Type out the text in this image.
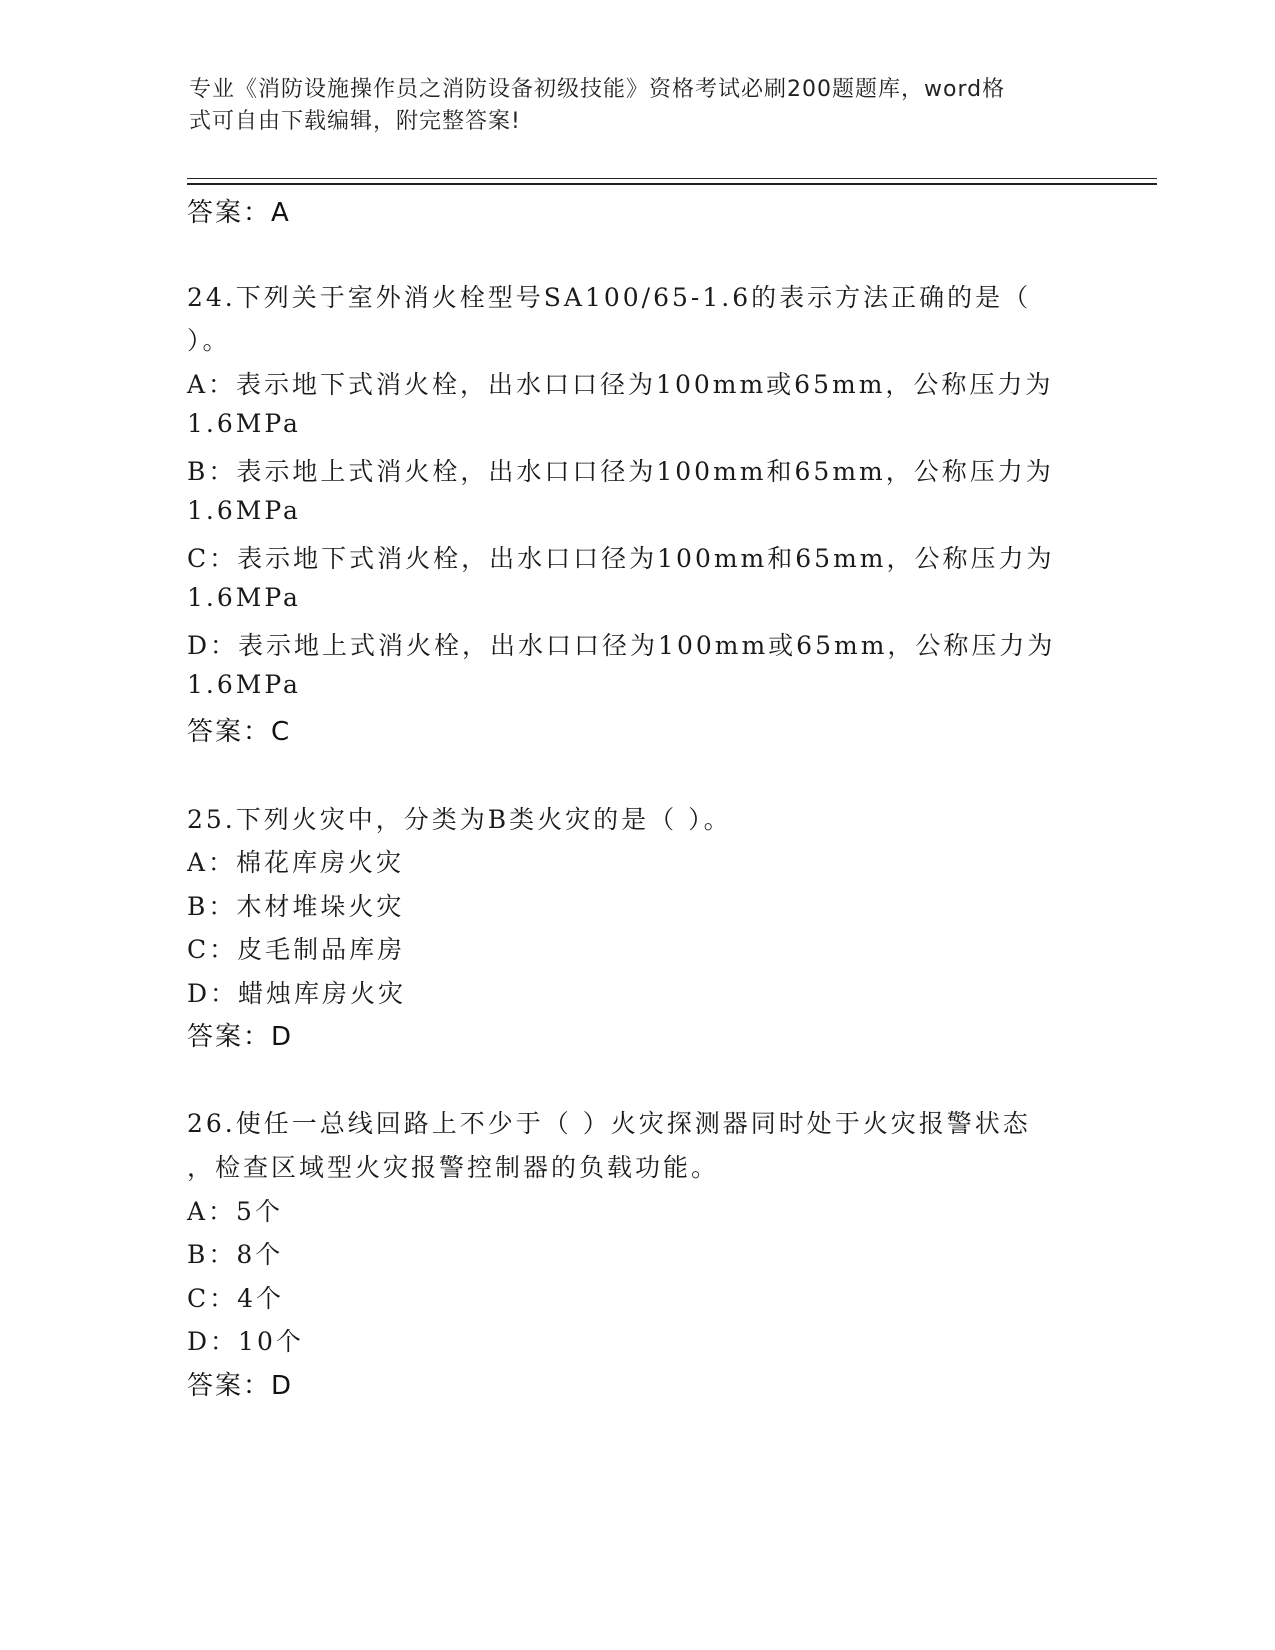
专业《消防设施操作员之消防设备初级技能》资格考试必刷200题题库，word格
式可自由下载编辑，附完整答案!
答案：A
24.下列关于室外消火栓型号SA100/65-1.6的表示方法正确的是（
）。
A：表示地下式消火栓，出水口口径为100mm或65mm，公称压力为
1.6MPa
B：表示地上式消火栓，出水口口径为100mm和65mm，公称压力为
1.6MPa
C：表示地下式消火栓，出水口口径为100mm和65mm，公称压力为
1.6MPa
D：表示地上式消火栓，出水口口径为100mm或65mm，公称压力为
1.6MPa
答案：C
25.下列火灾中，分类为B类火灾的是（ ）。
A：棉花库房火灾
B：木材堆垛火灾
C：皮毛制品库房
D：蜡烛库房火灾
答案：D
26.使任一总线回路上不少于（ ）火灾探测器同时处于火灾报警状态
，检查区域型火灾报警控制器的负载功能。
A：5个
B：8个
C：4个
D：10个
答案：D
